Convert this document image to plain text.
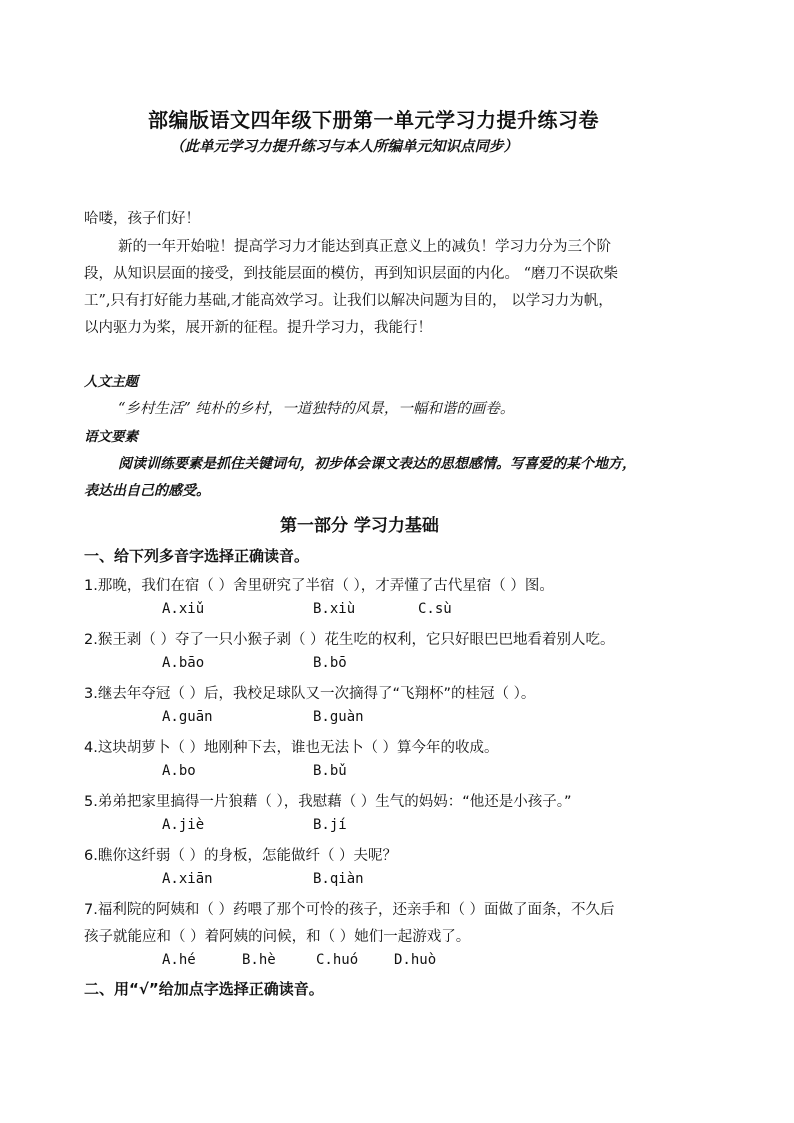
部编版语文四年级下册第一单元学习力提升练习卷
（此单元学习力提升练习与本人所编单元知识点同步）
哈喽，孩子们好！
新的一年开始啦！提高学习力才能达到真正意义上的减负！学习力分为三个阶
段，从知识层面的接受，到技能层面的模仿，再到知识层面的内化。 “磨刀不误砍柴
工”,只有打好能力基础,才能高效学习。让我们以解决问题为目的， 以学习力为帆，
以内驱力为桨，展开新的征程。提升学习力，我能行！
人文主题
“乡村生活” 纯朴的乡村，一道独特的风景，一幅和谐的画卷。
语文要素
阅读训练要素是抓住关键词句，初步体会课文表达的思想感情。写喜爱的某个地方，
表达出自己的感受。
第一部分 学习力基础
一、给下列多音字选择正确读音。
1.那晚，我们在宿（ ）舍里研究了半宿（ ），才弄懂了古代星宿（ ）图。
A.xiǔ	B.xiù	C.sù
2.猴王剥（ ）夺了一只小猴子剥（ ）花生吃的权利，它只好眼巴巴地看着别人吃。
A.bāo	B.bō
3.继去年夺冠（ ）后，我校足球队又一次摘得了“飞翔杯”的桂冠（ ）。
A.guān	B.guàn
4.这块胡萝卜（ ）地刚种下去，谁也无法卜（ ）算今年的收成。
A.bo	B.bǔ
5.弟弟把家里搞得一片狼藉（ ），我慰藉（ ）生气的妈妈：“他还是小孩子。”
A.jiè	B.jí
6.瞧你这纤弱（ ）的身板，怎能做纤（ ）夫呢？
A.xiān	B.qiàn
7.福利院的阿姨和（ ）药喂了那个可怜的孩子，还亲手和（ ）面做了面条，不久后
孩子就能应和（ ）着阿姨的问候，和（ ）她们一起游戏了。
A.hé	B.hè	C.huó	D.huò
二、用“√”给加点字选择正确读音。
